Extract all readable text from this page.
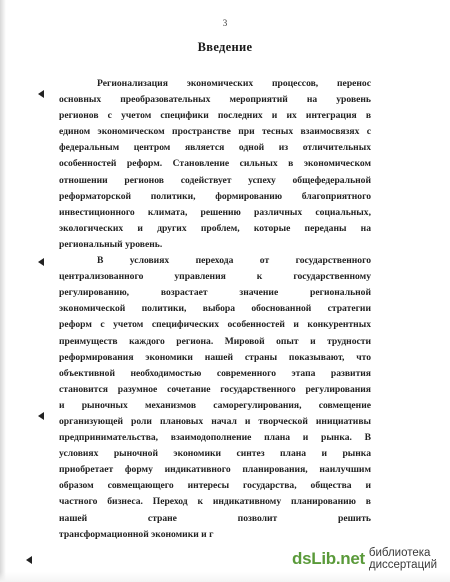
3
Введение
Регионализация экономических процессов, перенос
основных преобразовательных мероприятий на уровень
регионов с учетом специфики последних и их интеграция в
едином экономическом пространстве при тесных взаимосвязях с
федеральным центром является одной из отличительных
особенностей реформ. Становление сильных в экономическом
отношении регионов содействует успеху общефедеральной
реформаторской политики, формированию благоприятного
инвестиционного климата, решению различных социальных,
экологических и других проблем, которые переданы на
региональный уровень.
В условиях перехода от государственного
централизованного управления к государственному
регулированию, возрастает значение региональной
экономической политики, выбора обоснованной стратегии
реформ с учетом специфических особенностей и конкурентных
преимуществ каждого региона. Мировой опыт и трудности
реформирования экономики нашей страны показывают, что
объективной необходимостью современного этапа развития
становится разумное сочетание государственного регулирования
и рыночных механизмов саморегулирования, совмещение
организующей роли плановых начал и творческой инициативы
предпринимательства, взаимодополнение плана и рынка. В
условиях рыночной экономики синтез плана и рынка
приобретает форму индикативного планирования, наилучшим
образом совмещающего интересы государства, общества и
частного бизнеса. Переход к индикативному планированию в
нашей стране позволит решить
трансформационной экономики и г
dsLib.net библиотека диссертаций
